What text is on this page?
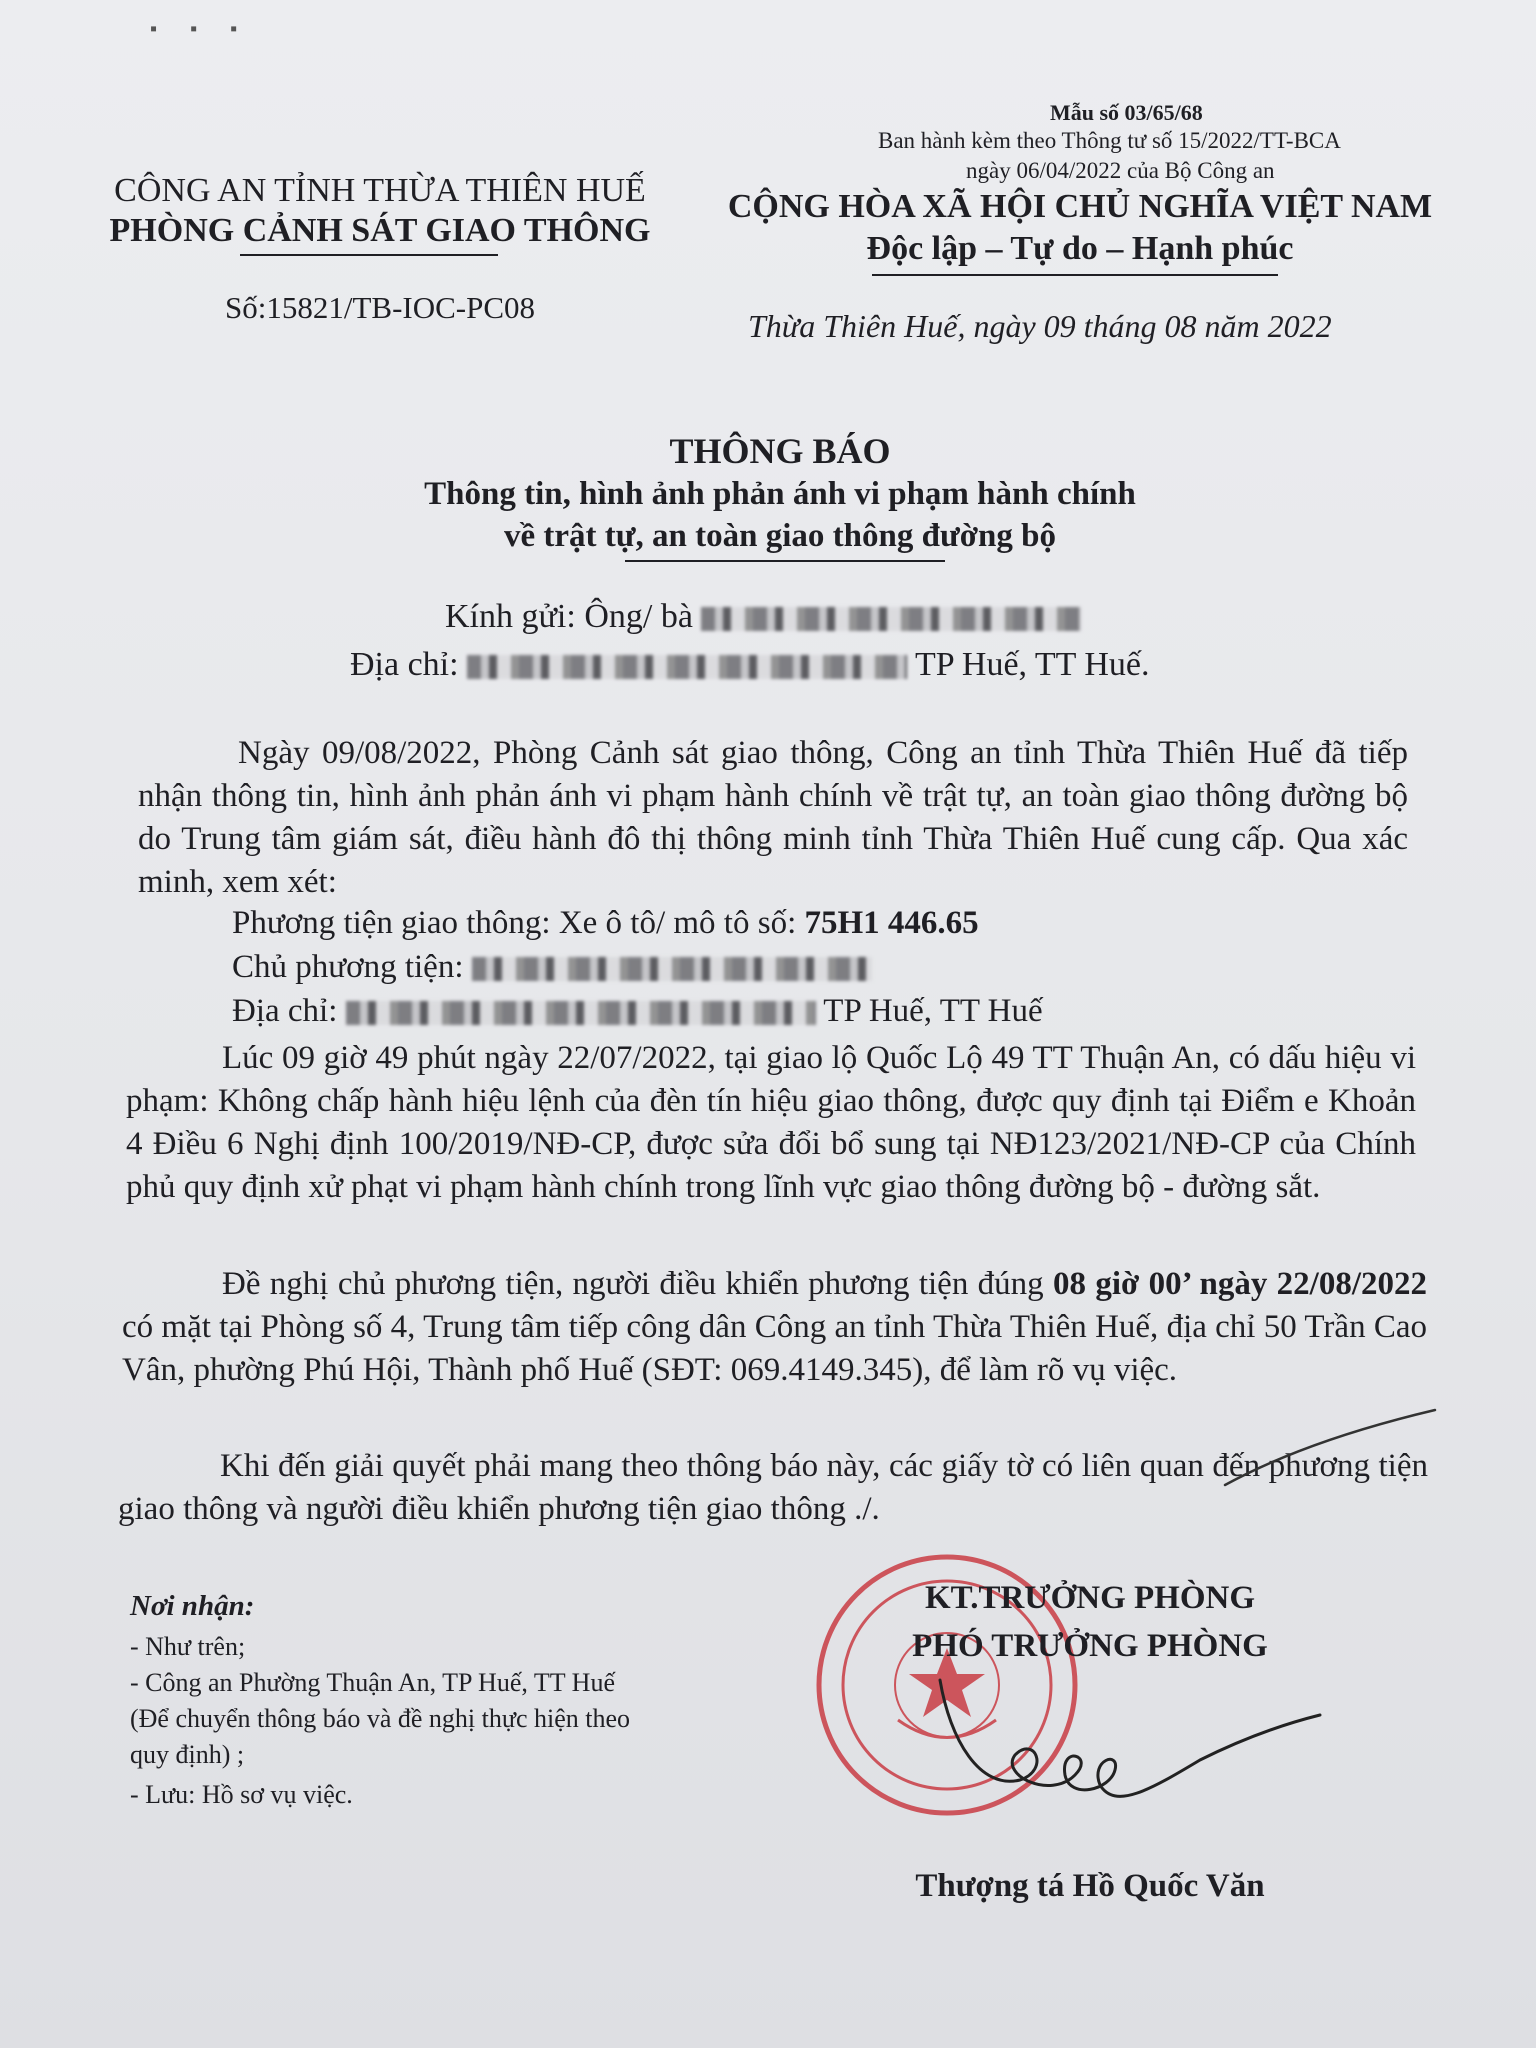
▪ ▪ ▪
Mẫu số 03/65/68
Ban hành kèm theo Thông tư số 15/2022/TT-BCA
ngày 06/04/2022 của Bộ Công an
CÔNG AN TỈNH THỪA THIÊN HUẾ
PHÒNG CẢNH SÁT GIAO THÔNG
Số:15821/TB-IOC-PC08
CỘNG HÒA XÃ HỘI CHỦ NGHĨA VIỆT NAM
Độc lập – Tự do – Hạnh phúc
Thừa Thiên Huế, ngày 09 tháng 08 năm 2022
THÔNG BÁO
Thông tin, hình ảnh phản ánh vi phạm hành chính
về trật tự, an toàn giao thông đường bộ
Kính gửi: Ông/ bà
Địa chỉ:	TP Huế, TT Huế.

Ngày 09/08/2022, Phòng Cảnh sát giao thông, Công an tỉnh Thừa Thiên Huế đã tiếp nhận thông tin, hình ảnh phản ánh vi phạm hành chính về trật tự, an toàn giao thông đường bộ do Trung tâm giám sát, điều hành đô thị thông minh tỉnh Thừa Thiên Huế cung cấp. Qua xác minh, xem xét:

Phương tiện giao thông: Xe ô tô/ mô tô số: 75H1 446.65
Chủ phương tiện:
Địa chỉ:	TP Huế, TT Huế

Lúc 09 giờ 49 phút ngày 22/07/2022, tại giao lộ Quốc Lộ 49 TT Thuận An, có dấu hiệu vi phạm: Không chấp hành hiệu lệnh của đèn tín hiệu giao thông, được quy định tại Điểm e Khoản 4 Điều 6 Nghị định 100/2019/NĐ-CP, được sửa đổi bổ sung tại NĐ123/2021/NĐ-CP của Chính phủ quy định xử phạt vi phạm hành chính trong lĩnh vực giao thông đường bộ - đường sắt.

Đề nghị chủ phương tiện, người điều khiển phương tiện đúng 08 giờ 00’ ngày 22/08/2022 có mặt tại Phòng số 4, Trung tâm tiếp công dân Công an tỉnh Thừa Thiên Huế, địa chỉ 50 Trần Cao Vân, phường Phú Hội, Thành phố Huế (SĐT: 069.4149.345), để làm rõ vụ việc.

Khi đến giải quyết phải mang theo thông báo này, các giấy tờ có liên quan đến phương tiện giao thông và người điều khiển phương tiện giao thông ./.

Nơi nhận:
- Như trên;
- Công an Phường Thuận An, TP Huế, TT Huế
(Để chuyển thông báo và đề nghị thực hiện theo
quy định) ;
- Lưu: Hồ sơ vụ việc.
KT.TRƯỞNG PHÒNG
PHÓ TRƯỞNG PHÒNG
Thượng tá Hồ Quốc Văn
